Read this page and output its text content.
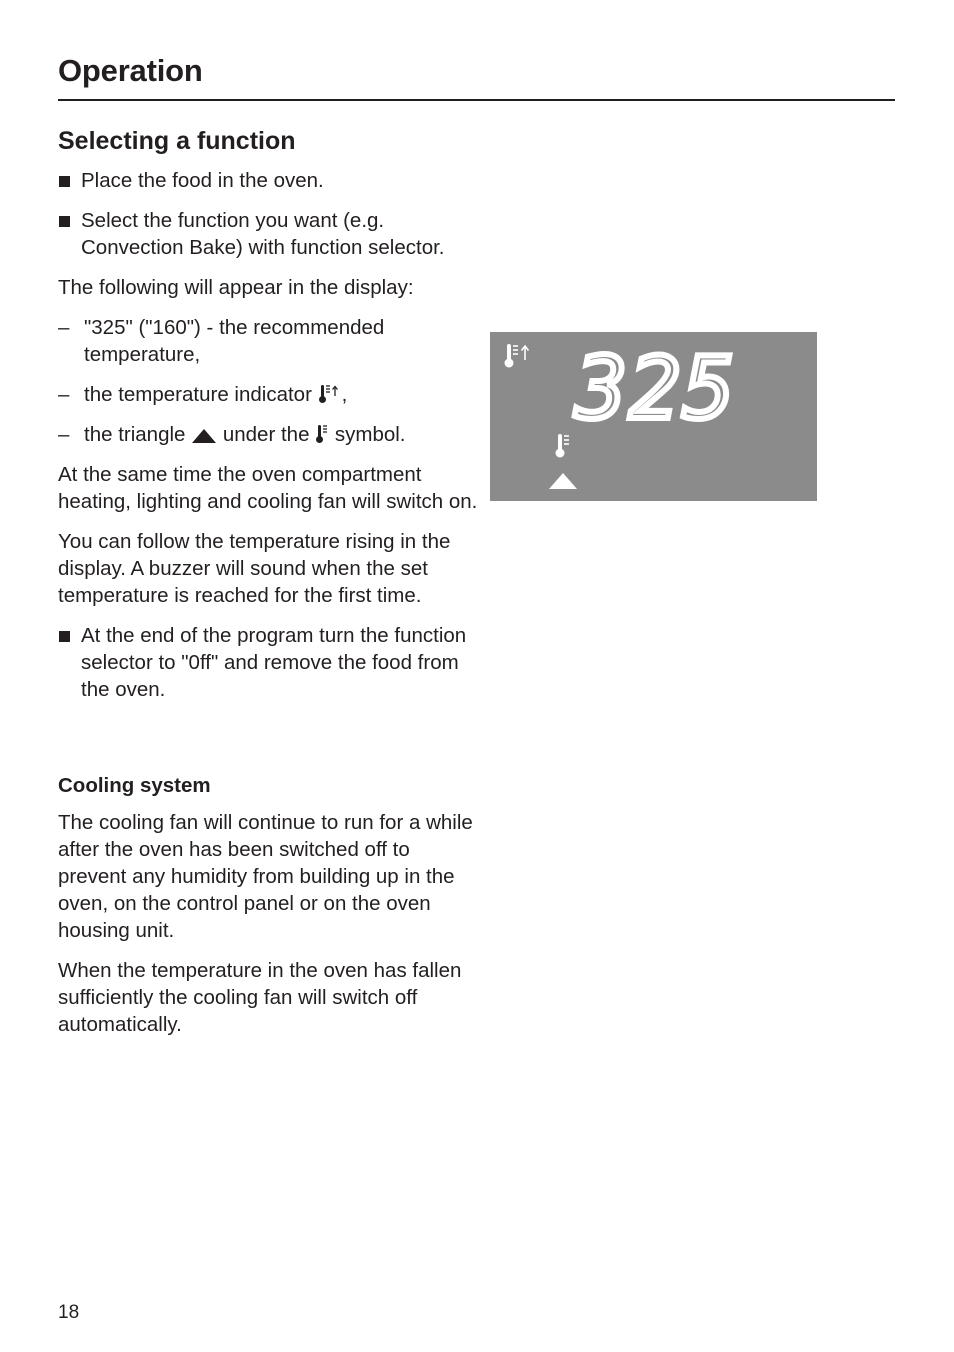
Operation
Selecting a function
Place the food in the oven.
Select the function you want (e.g. Convection Bake) with function selector.

The following will appear in the display:

– "325" ("160") - the recommended temperature,
– the temperature indicator ,
– the triangle under the symbol.

At the same time the oven compartment heating, lighting and cooling fan will switch on.

You can follow the temperature rising in the display. A buzzer will sound when the set temperature is reached for the first time.

At the end of the program turn the function selector to "0ff" and remove the food from the oven.
Cooling system

The cooling fan will continue to run for a while after the oven has been switched off to prevent any humidity from building up in the oven, on the control panel or on the oven housing unit.

When the temperature in the oven has fallen sufficiently the cooling fan will switch off automatically.

325
18
